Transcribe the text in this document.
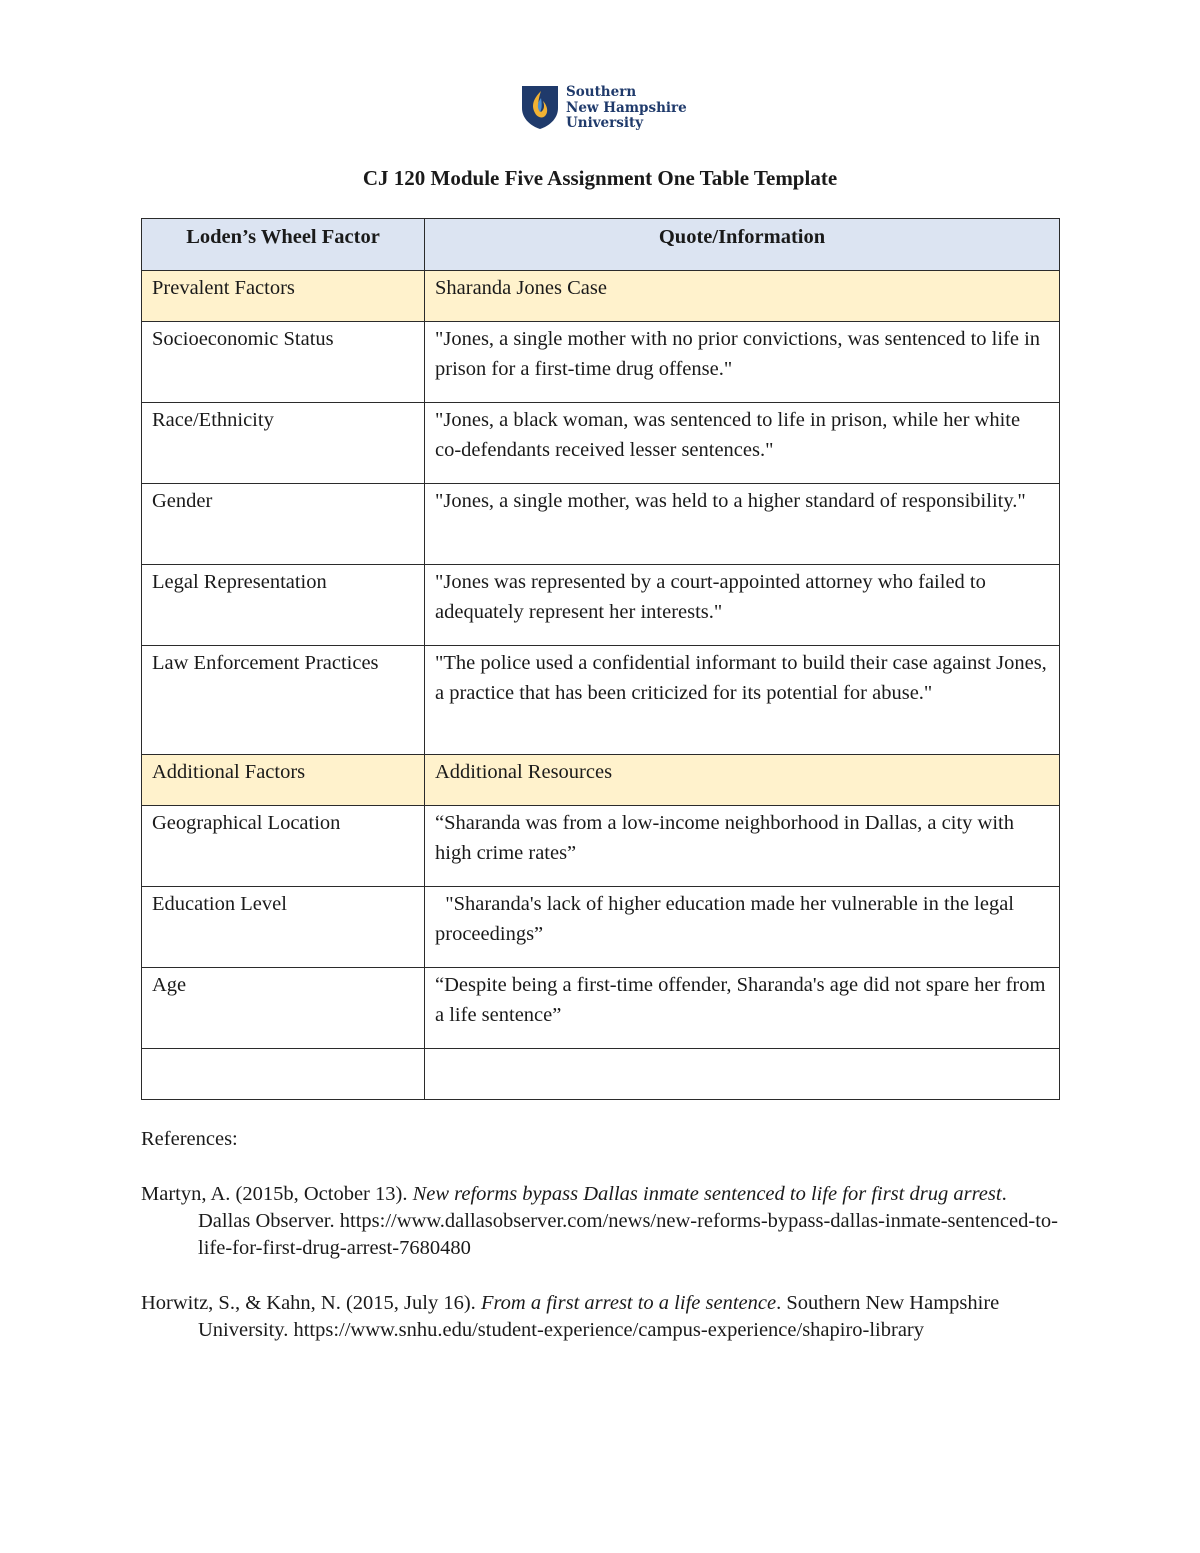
Southern
New Hampshire
University
CJ 120 Module Five Assignment One Table Template
Loden’s Wheel Factor	Quote/Information
Prevalent Factors	Sharanda Jones Case
Socioeconomic Status	"Jones, a single mother with no prior convictions, was sentenced to life in prison for a first-time drug offense."
Race/Ethnicity	"Jones, a black woman, was sentenced to life in prison, while her white co-defendants received lesser sentences."
Gender	"Jones, a single mother, was held to a higher standard of responsibility."
Legal Representation	"Jones was represented by a court-appointed attorney who failed to adequately represent her interests."
Law Enforcement Practices	"The police used a confidential informant to build their case against Jones, a practice that has been criticized for its potential for abuse."
Additional Factors	Additional Resources
Geographical Location	“Sharanda was from a low-income neighborhood in Dallas, a city with high crime rates”
Education Level	"Sharanda's lack of higher education made her vulnerable in the legal proceedings”
Age	“Despite being a first-time offender, Sharanda's age did not spare her from a life sentence”

References:
Martyn, A. (2015b, October 13). New reforms bypass Dallas inmate sentenced to life for first drug arrest. Dallas Observer. https://www.dallasobserver.com/news/new-reforms-bypass-dallas-inmate-sentenced-to-life-for-first-drug-arrest-7680480
Horwitz, S., & Kahn, N. (2015, July 16). From a first arrest to a life sentence. Southern New Hampshire University. https://www.snhu.edu/student-experience/campus-experience/shapiro-library
